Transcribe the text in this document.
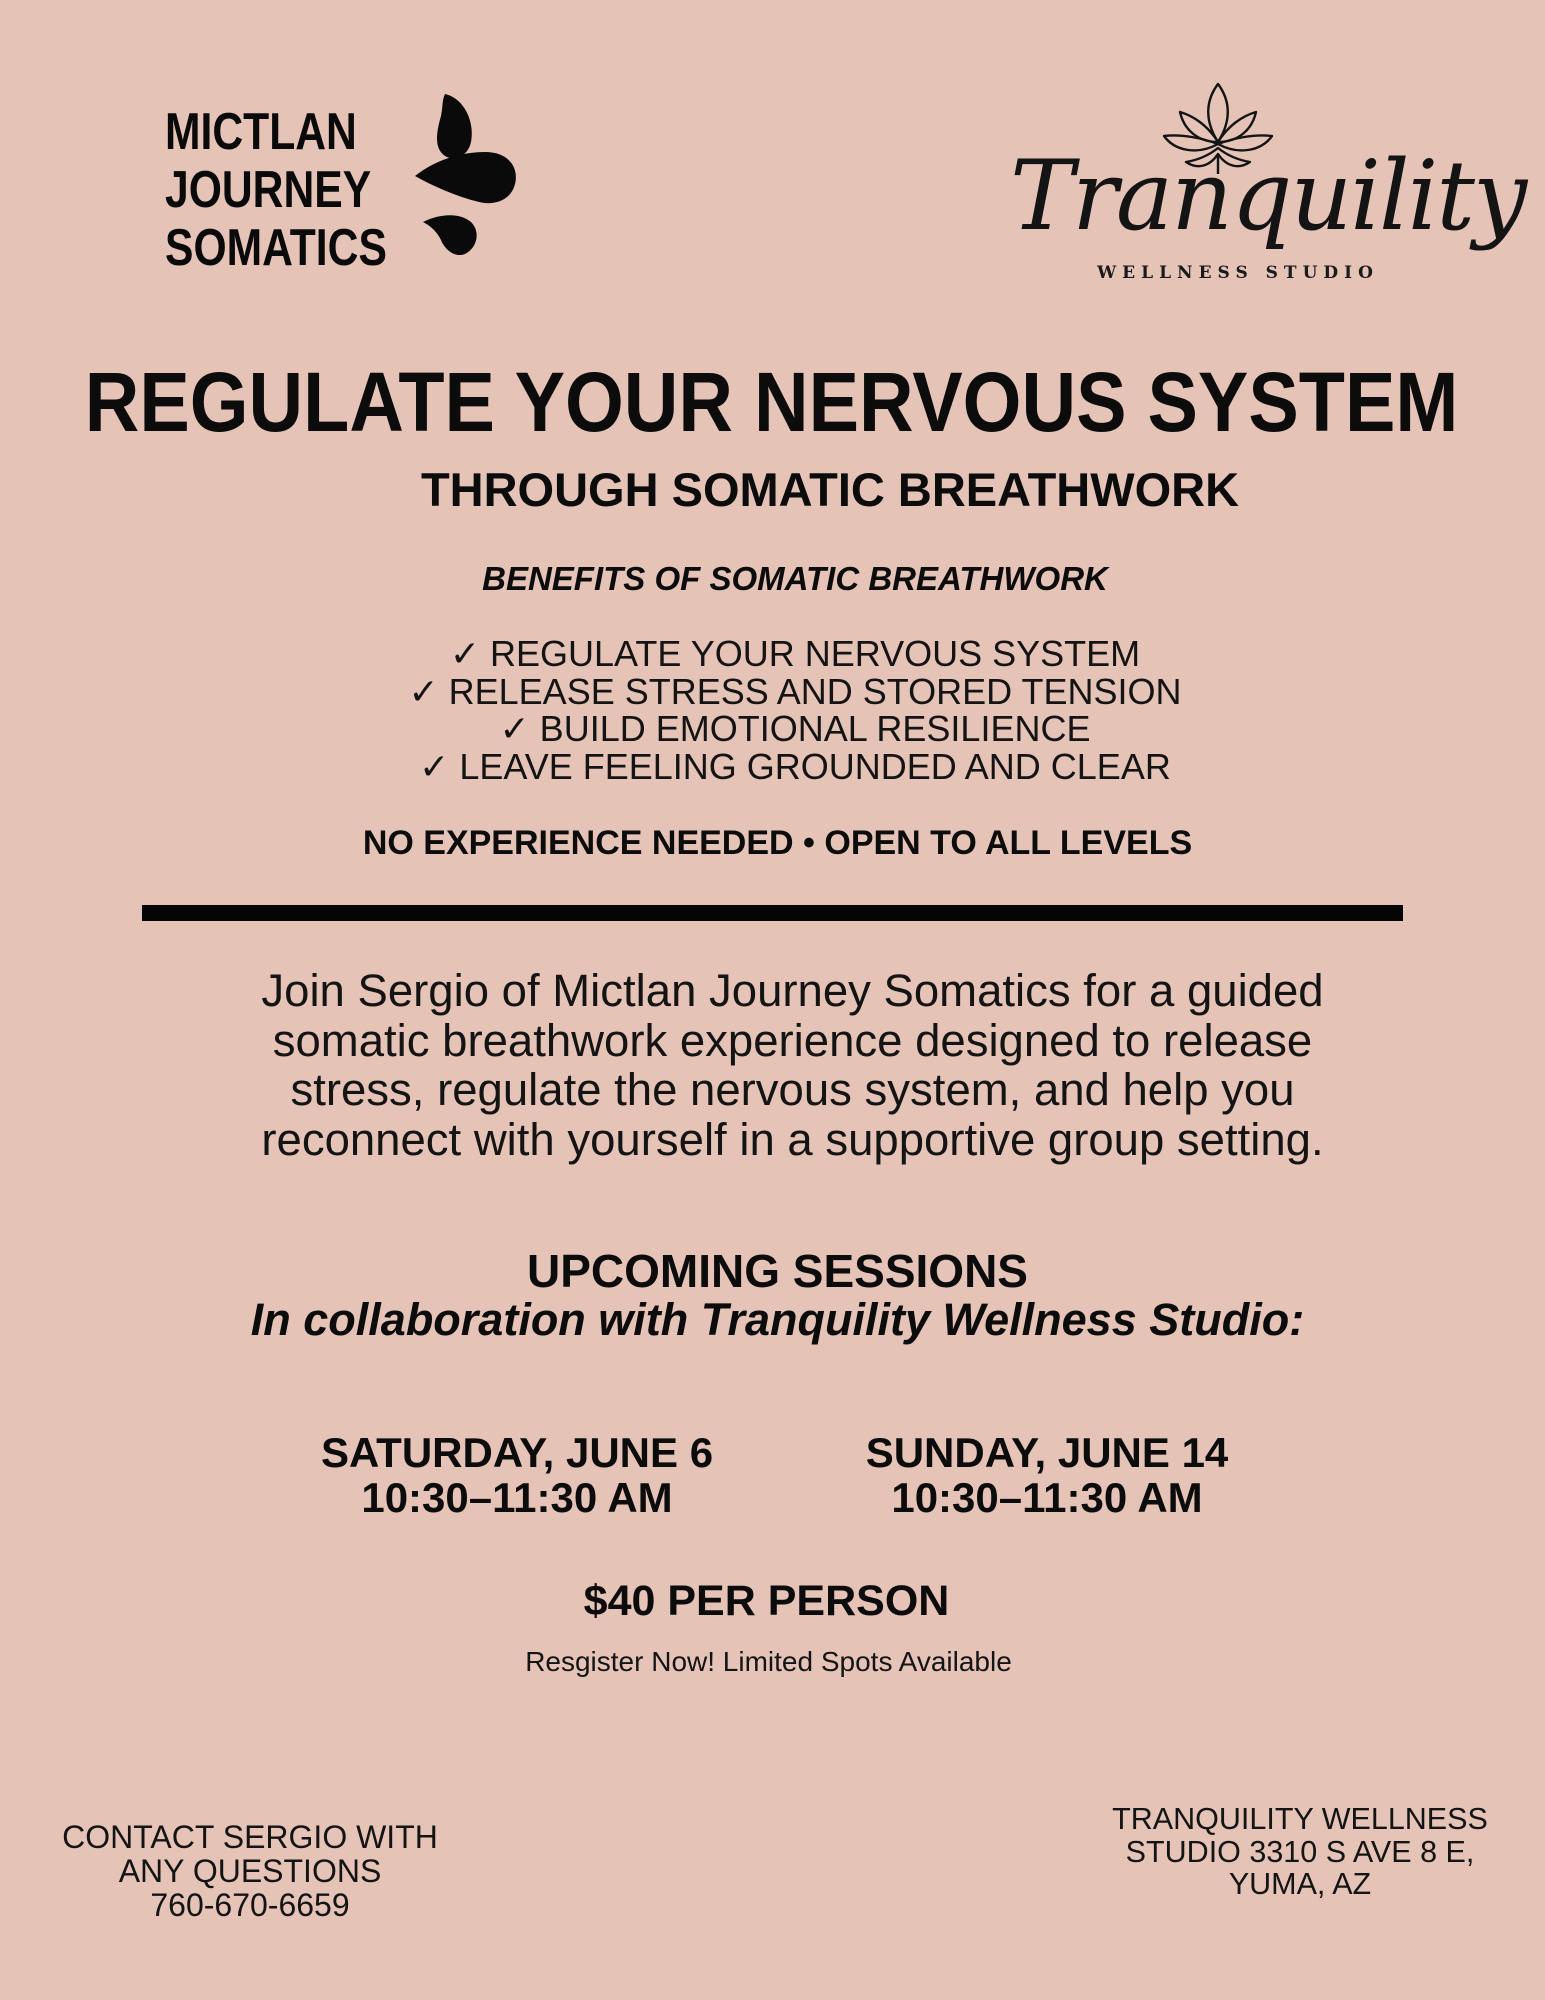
MICTLAN
JOURNEY
SOMATICS	Tranquility
WELLNESS STUDIO
REGULATE YOUR NERVOUS SYSTEM
THROUGH SOMATIC BREATHWORK
BENEFITS OF SOMATIC BREATHWORK
✓ REGULATE YOUR NERVOUS SYSTEM
✓ RELEASE STRESS AND STORED TENSION
✓ BUILD EMOTIONAL RESILIENCE
✓ LEAVE FEELING GROUNDED AND CLEAR
NO EXPERIENCE NEEDED • OPEN TO ALL LEVELS
Join Sergio of Mictlan Journey Somatics for a guided
somatic breathwork experience designed to release
stress, regulate the nervous system, and help you
reconnect with yourself in a supportive group setting.
UPCOMING SESSIONS
In collaboration with Tranquility Wellness Studio:
SATURDAY, JUNE 6
10:30–11:30 AM
SUNDAY, JUNE 14
10:30–11:30 AM
$40 PER PERSON
Resgister Now! Limited Spots Available
CONTACT SERGIO WITH
ANY QUESTIONS
760-670-6659
TRANQUILITY WELLNESS
STUDIO 3310 S AVE 8 E,
YUMA, AZ
